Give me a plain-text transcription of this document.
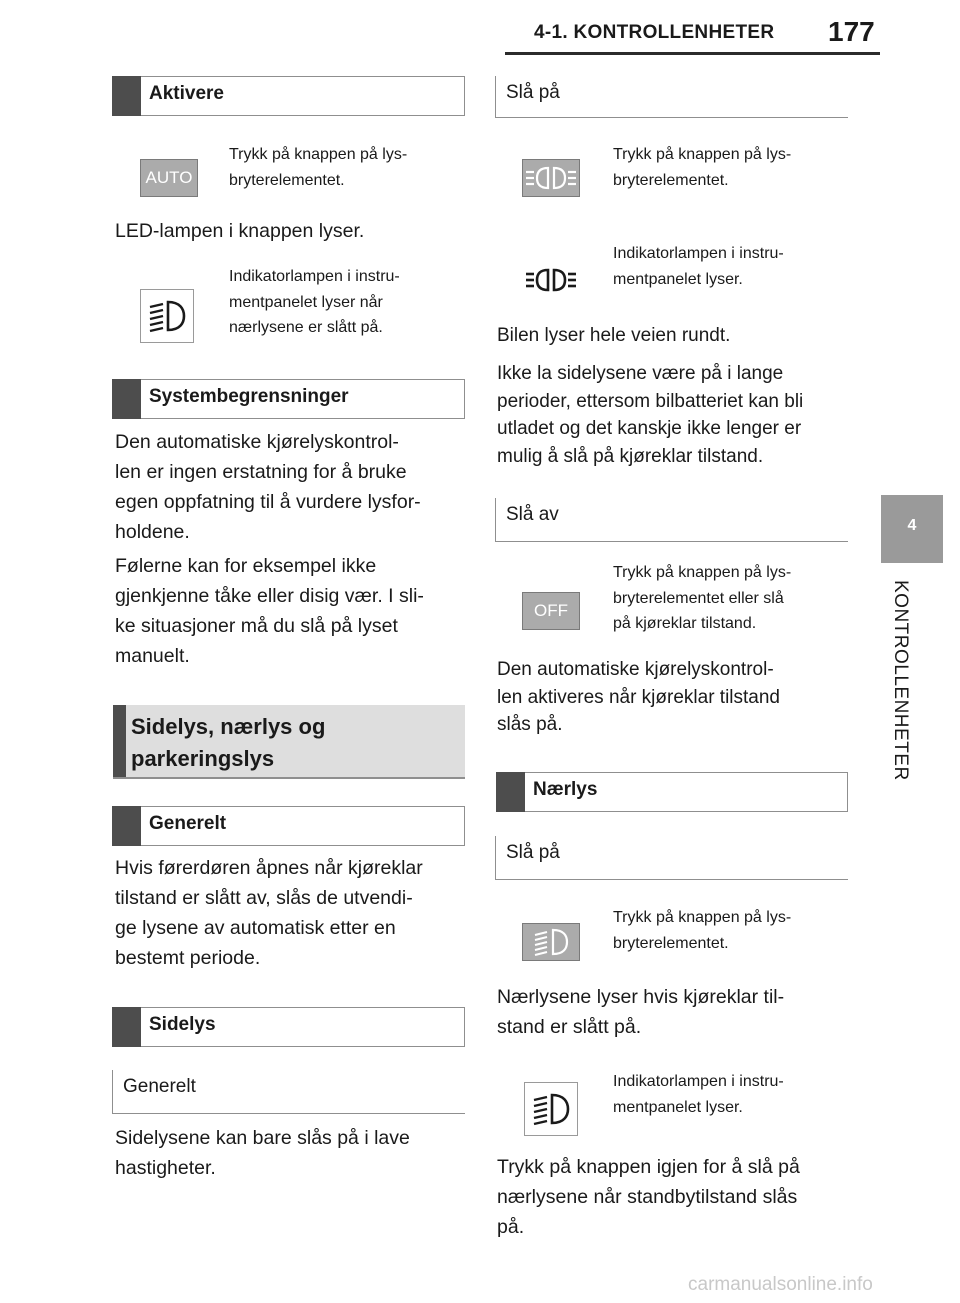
4-1. KONTROLLENHETER 177
4
KONTROLLENHETER
Aktivere
AUTO
Trykk på knappen på lys-
bryterelementet.
LED-lampen i knappen lyser.
Indikatorlampen i instru-
mentpanelet lyser når
nærlysene er slått på.
Systembegrensninger
Den automatiske kjørelyskontrol-
len er ingen erstatning for å bruke
egen oppfatning til å vurdere lysfor-
holdene.
Følerne kan for eksempel ikke
gjenkjenne tåke eller disig vær. I sli-
ke situasjoner må du slå på lyset
manuelt.
Sidelys, nærlys og
parkeringslys
Generelt
Hvis førerdøren åpnes når kjøreklar
tilstand er slått av, slås de utvendi-
ge lysene av automatisk etter en
bestemt periode.
Sidelys
Generelt
Sidelysene kan bare slås på i lave
hastigheter.
Slå på
Trykk på knappen på lys-
bryterelementet.
Indikatorlampen i instru-
mentpanelet lyser.
Bilen lyser hele veien rundt.
Ikke la sidelysene være på i lange
perioder, ettersom bilbatteriet kan bli
utladet og det kanskje ikke lenger er
mulig å slå på kjøreklar tilstand.
Slå av
OFF
Trykk på knappen på lys-
bryterelementet eller slå
på kjøreklar tilstand.
Den automatiske kjørelyskontrol-
len aktiveres når kjøreklar tilstand
slås på.
Nærlys
Slå på
Trykk på knappen på lys-
bryterelementet.
Nærlysene lyser hvis kjøreklar til-
stand er slått på.
Indikatorlampen i instru-
mentpanelet lyser.
Trykk på knappen igjen for å slå på
nærlysene når standbytilstand slås
på.
carmanualsonline.info
